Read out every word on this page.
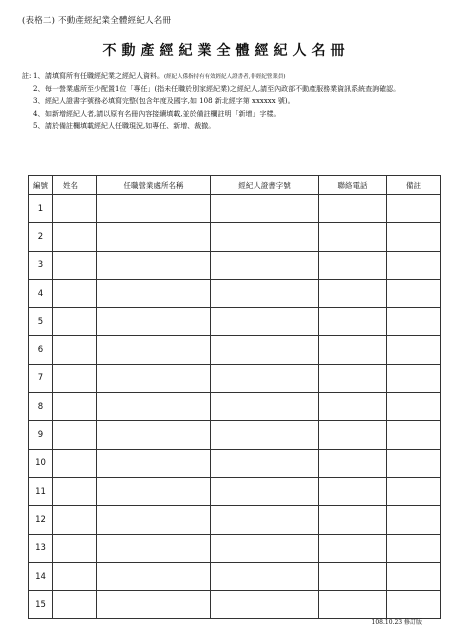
(表格二) 不動產經紀業全體經紀人名冊
不動產經紀業全體經紀人名冊
註: 1、 請填寫所有任職經紀業之經紀人資料。(經紀人係指持有有效經紀人證書者,非經紀營業員)
2、 每一營業處所至少配置1位「專任」(指未任職於別家經紀業)之經紀人,請至內政部不動產服務業資訊系統查詢確認。
3、 經紀人證書字號務必填寫完整(包含年度及國字,如 108 新北經字第 xxxxxx 號)。
4、 如新增經紀人者,請以原有名冊內容接續填載,並於備註欄註明「新增」字樣。
5、 請於備註欄填載經紀人任職現況,如專任、新增、裁撤。
編號	姓名	任職營業處所名稱	經紀人證書字號	聯絡電話	備註
1					
2					
3					
4					
5					
6					
7					
8					
9					
10					
11					
12					
13					
14					
15					
108.10.23 修訂版
